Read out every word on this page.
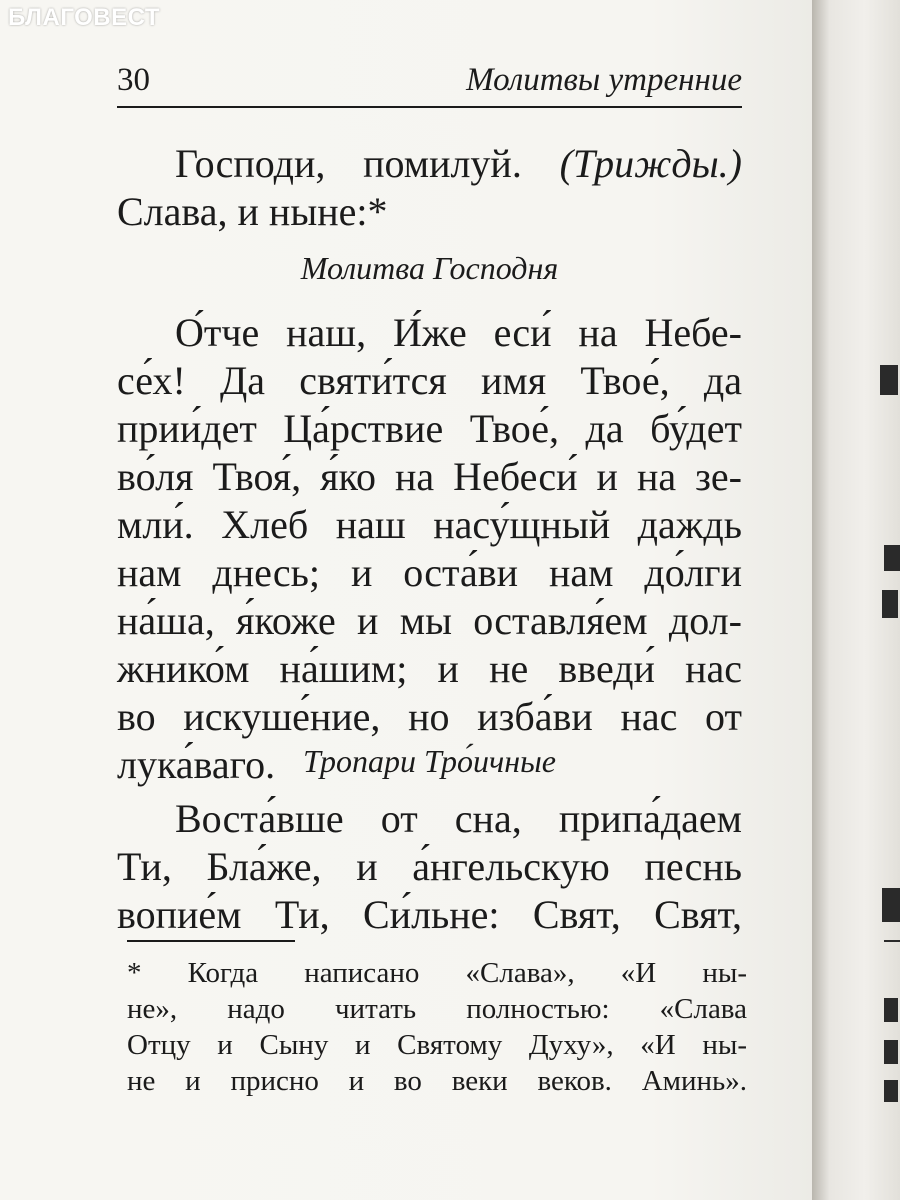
БЛАГОВЕСТ
30	Молитвы утренние
Господи, помилуй. (Трижды.)
Слава, и ныне:*
Молитва Господня
О́тче наш, И́же еси́ на Небе-
се́х! Да святи́тся имя Твое́, да
прии́дет Ца́рствие Твое́, да бу́дет
во́ля Твоя́, я́ко на Небеси́ и на зе-
мли́. Хлеб наш насу́щный даждь
нам днесь; и оста́ви нам до́лги
на́ша, я́коже и мы оставля́ем дол-
жнико́м на́шим; и не введи́ нас
во искуше́ние, но изба́ви нас от
лука́ваго. Тропари Тро́ичные
Воста́вше от сна, припа́даем
Ти, Бла́же, и а́нгельскую песнь
вопие́м Ти, Си́льне: Свят, Свят,
* Когда написано «Слава», «И ны-
не», надо читать полностью: «Слава
Отцу и Сыну и Святому Духу», «И ны-
не и присно и во веки веков. Аминь».
